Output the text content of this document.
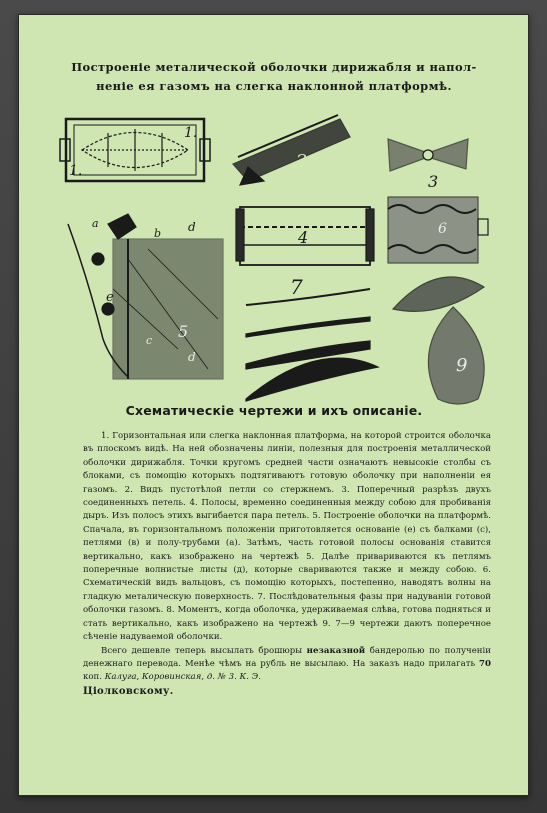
Построеніе металической оболочки дирижабля и напол-
неніе ея газомъ на слегка наклонной платформѣ.
1.
1.
2
3
4
5
6
7
9
a
b
c
d
d
e
Схематическіе чертежи и ихъ описаніе.

1. Горизонтальная или слегка наклонная платформа, на которой строится оболочка въ плоскомъ видѣ. На ней обозначены линіи, полезныя для построенія металлической оболочки дирижабля. Точки кругомъ средней части означаютъ невысокіе столбы съ блоками, съ помощію которыхъ подтягиваютъ готовую оболочку при наполненіи ея газомъ. 2. Видъ пустотѣлой петли со стержнемъ. 3. Поперечный разрѣзъ двухъ соединенныхъ петель. 4. Полосы, временно соединенныя между собою для пробиванія дыръ. Изъ полосъ этихъ выгибается пара петель. 5. Построеніе оболочки на платформѣ. Спачала, въ горизонтальномъ положеніи приготовляется основаніе (е) съ балками (с), петлями (в) и полу-трубами (а). Затѣмъ, часть готовой полосы основанія ставится вертикально, какъ изображено на чертежѣ 5. Далѣе привариваются къ петлямъ поперечные волнистые листы (д), которые свариваются также и между собою. 6. Схематическій видъ вальцовъ, съ помощію которыхъ, постепенно, наводятъ волны на гладкую металическую поверхность. 7. Послѣдовательныя фазы при надуваніи готовой оболочки газомъ. 8. Моментъ, когда оболочка, удерживаемая слѣва, готова подняться и стать вертикально, какъ изображено на чертежѣ 9. 7—9 чертежи даютъ поперечное сѣченіе надуваемой оболочки.

Всего дешевле теперь высылать брошюры незаказной бандеролью по полученіи денежнаго перевода. Менѣе чѣмъ на рубль не высылаю. На заказъ надо прилагать 70 коп. Калуга, Коровинская, д. № 3. К. Э.
Ціолковскому.
